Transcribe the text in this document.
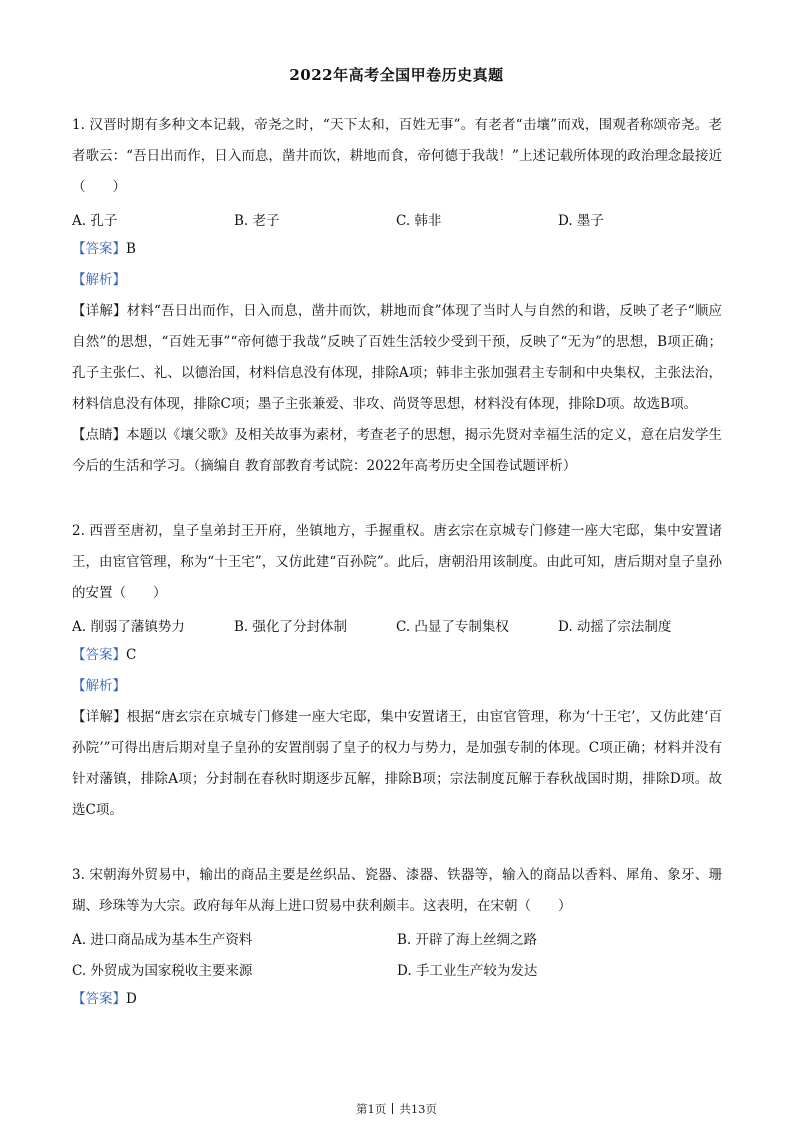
2022年高考全国甲卷历史真题

1. 汉晋时期有多种文本记载，帝尧之时，“天下太和，百姓无事”。有老者“击壤”而戏，围观者称颂帝尧。老者歌云：“吾日出而作，日入而息，凿井而饮，耕地而食，帝何德于我哉！”上述记载所体现的政治理念最接近（　　）

A. 孔子	B. 老子	C. 韩非	D. 墨子

【答案】B

【解析】

【详解】材料“吾日出而作，日入而息，凿井而饮，耕地而食”体现了当时人与自然的和谐，反映了老子“顺应自然”的思想，“百姓无事”“帝何德于我哉”反映了百姓生活较少受到干预，反映了“无为”的思想，B项正确；孔子主张仁、礼、以德治国，材料信息没有体现，排除A项；韩非主张加强君主专制和中央集权，主张法治，材料信息没有体现，排除C项；墨子主张兼爱、非攻、尚贤等思想，材料没有体现，排除D项。故选B项。

【点睛】本题以《壤父歌》及相关故事为素材，考查老子的思想，揭示先贤对幸福生活的定义，意在启发学生今后的生活和学习。（摘编自 教育部教育考试院：2022年高考历史全国卷试题评析）

2. 西晋至唐初，皇子皇弟封王开府，坐镇地方，手握重权。唐玄宗在京城专门修建一座大宅邸，集中安置诸王，由宦官管理，称为“十王宅”，又仿此建“百孙院”。此后，唐朝沿用该制度。由此可知，唐后期对皇子皇孙的安置（　　）

A. 削弱了藩镇势力	B. 强化了分封体制	C. 凸显了专制集权	D. 动摇了宗法制度

【答案】C

【解析】

【详解】根据“唐玄宗在京城专门修建一座大宅邸，集中安置诸王，由宦官管理，称为‘十王宅’，又仿此建‘百孙院’”可得出唐后期对皇子皇孙的安置削弱了皇子的权力与势力，是加强专制的体现。C项正确；材料并没有针对藩镇，排除A项；分封制在春秋时期逐步瓦解，排除B项；宗法制度瓦解于春秋战国时期，排除D项。故选C项。

3. 宋朝海外贸易中，输出的商品主要是丝织品、瓷器、漆器、铁器等，输入的商品以香料、犀角、象牙、珊瑚、珍珠等为大宗。政府每年从海上进口贸易中获利颇丰。这表明，在宋朝（　　）

A. 进口商品成为基本生产资料	B. 开辟了海上丝绸之路
C. 外贸成为国家税收主要来源	D. 手工业生产较为发达

【答案】D

第1页 共13页
